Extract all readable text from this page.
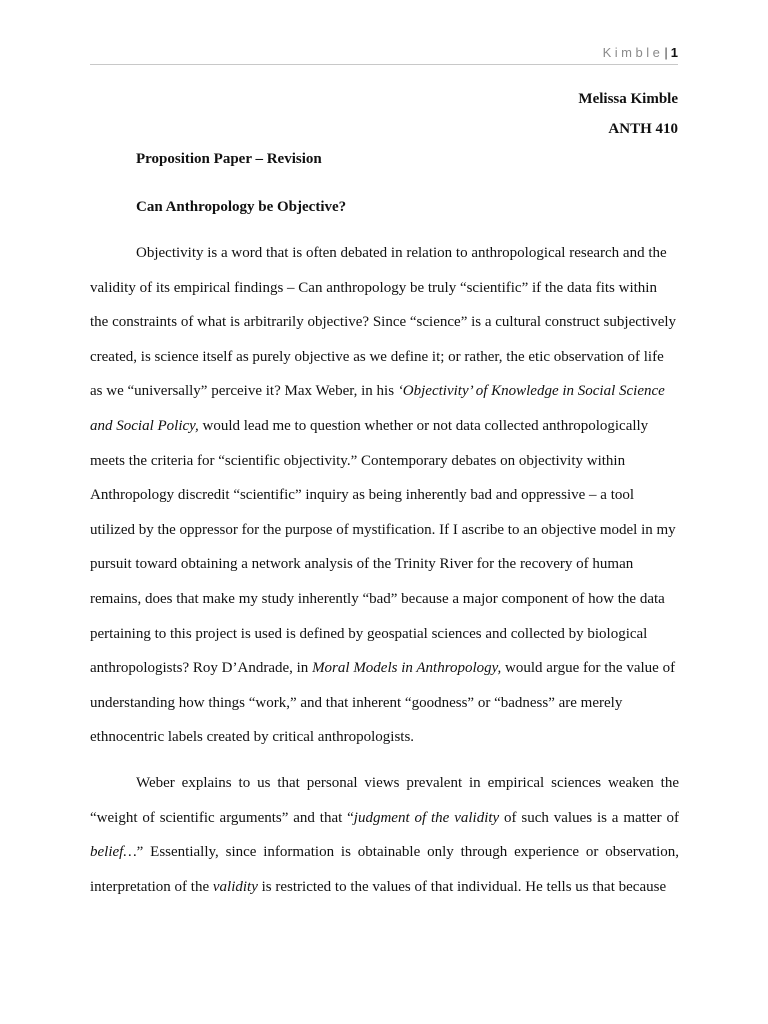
Kimble| 1
Melissa Kimble
ANTH 410
Proposition Paper – Revision
Can Anthropology be Objective?

Objectivity is a word that is often debated in relation to anthropological research and the validity of its empirical findings – Can anthropology be truly “scientific” if the data fits within the constraints of what is arbitrarily objective? Since “science” is a cultural construct subjectively created, is science itself as purely objective as we define it; or rather, the etic observation of life as we “universally” perceive it? Max Weber, in his ‘Objectivity’ of Knowledge in Social Science and Social Policy, would lead me to question whether or not data collected anthropologically meets the criteria for “scientific objectivity.” Contemporary debates on objectivity within Anthropology discredit “scientific” inquiry as being inherently bad and oppressive – a tool utilized by the oppressor for the purpose of mystification. If I ascribe to an objective model in my pursuit toward obtaining a network analysis of the Trinity River for the recovery of human remains, does that make my study inherently “bad” because a major component of how the data pertaining to this project is used is defined by geospatial sciences and collected by biological anthropologists? Roy D’Andrade, in Moral Models in Anthropology, would argue for the value of understanding how things “work,” and that inherent “goodness” or “badness” are merely ethnocentric labels created by critical anthropologists.

Weber explains to us that personal views prevalent in empirical sciences weaken the “weight of scientific arguments” and that “judgment of the validity of such values is a matter of belief…” Essentially, since information is obtainable only through experience or observation, interpretation of the validity is restricted to the values of that individual. He tells us that because
